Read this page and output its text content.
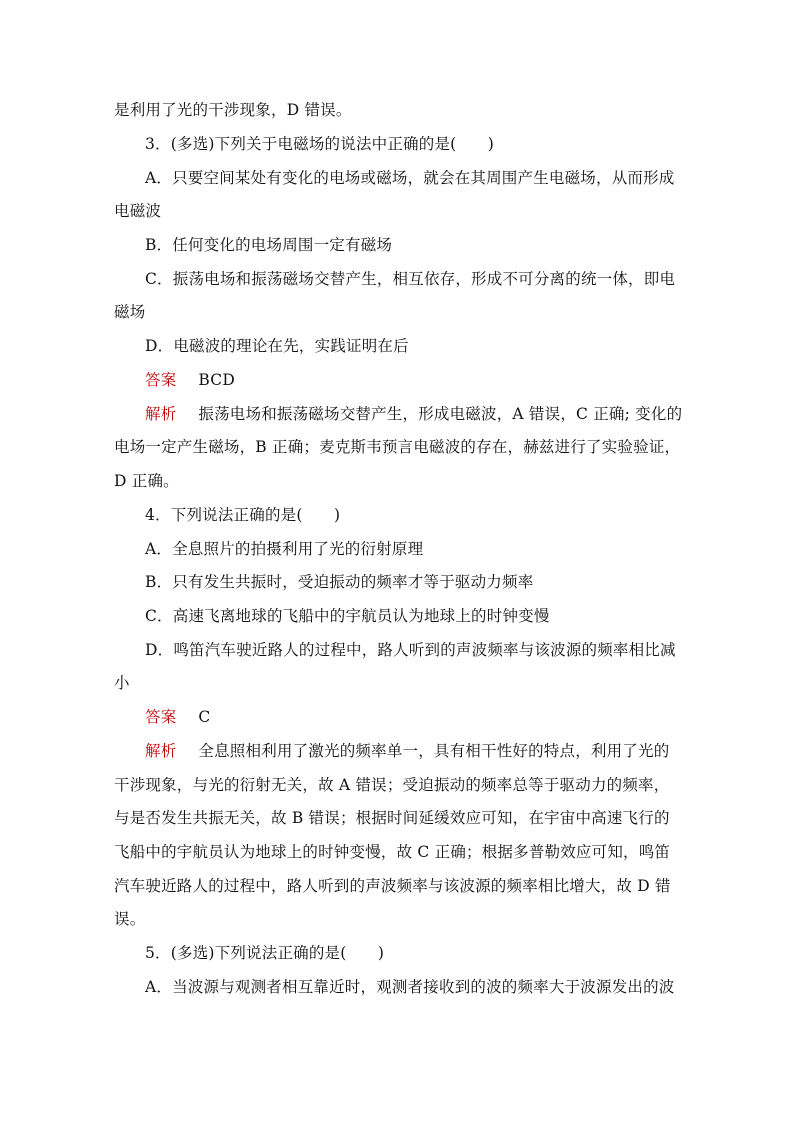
是利用了光的干涉现象，D 错误。
3．(多选)下列关于电磁场的说法中正确的是(　　)
A．只要空间某处有变化的电场或磁场，就会在其周围产生电磁场，从而形成
电磁波
B．任何变化的电场周围一定有磁场
C．振荡电场和振荡磁场交替产生，相互依存，形成不可分离的统一体，即电
磁场
D．电磁波的理论在先，实践证明在后
答案 BCD
解析 振荡电场和振荡磁场交替产生，形成电磁波，A 错误，C 正确; 变化的
电场一定产生磁场，B 正确；麦克斯韦预言电磁波的存在，赫兹进行了实验验证，
D 正确。
4．下列说法正确的是(　　)
A．全息照片的拍摄利用了光的衍射原理
B．只有发生共振时，受迫振动的频率才等于驱动力频率
C．高速飞离地球的飞船中的宇航员认为地球上的时钟变慢
D．鸣笛汽车驶近路人的过程中，路人听到的声波频率与该波源的频率相比减
小
答案 C
解析 全息照相利用了激光的频率单一，具有相干性好的特点，利用了光的
干涉现象，与光的衍射无关，故 A 错误；受迫振动的频率总等于驱动力的频率，
与是否发生共振无关，故 B 错误；根据时间延缓效应可知，在宇宙中高速飞行的
飞船中的宇航员认为地球上的时钟变慢，故 C 正确；根据多普勒效应可知，鸣笛
汽车驶近路人的过程中，路人听到的声波频率与该波源的频率相比增大，故 D 错
误。
5．(多选)下列说法正确的是(　　)
A．当波源与观测者相互靠近时，观测者接收到的波的频率大于波源发出的波
